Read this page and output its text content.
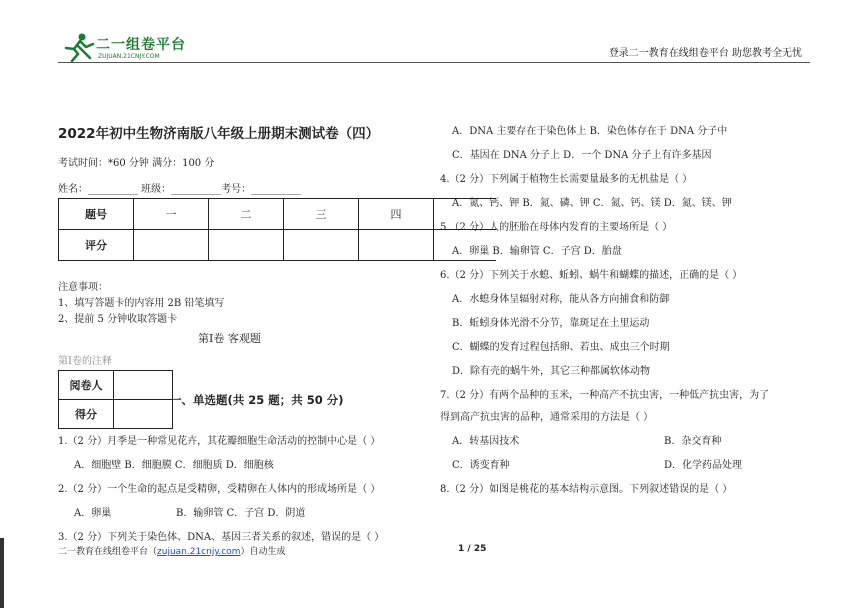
二一组卷平台
ZUJUAN.21CNJY.COM	登录二一教育在线组卷平台 助您教考全无忧
2022年初中生物济南版八年级上册期末测试卷（四）
考试时间：*60 分钟 满分：100 分
姓名：__________ 班级：__________考号：__________
题号	一	二	三	四	
评分					
注意事项：
1、填写答题卡的内容用 2B 铅笔填写
2、提前 5 分钟收取答题卡
第Ⅰ卷 客观题
第Ⅰ卷的注释
阅卷人	
得分	
一、单选题(共 25 题；共 50 分)
1.（2 分）月季是一种常见花卉，其花瓣细胞生命活动的控制中心是（ ）
A．细胞壁 B．细胞膜 C．细胞质 D．细胞核
2.（2 分）一个生命的起点是受精卵，受精卵在人体内的形成场所是（ ）
A．卵巢	B．输卵管 C．子宫 D．阴道
3.（2 分）下列关于染色体、DNA、基因三者关系的叙述，错误的是（ ）
A．DNA 主要存在于染色体上 B．染色体存在于 DNA 分子中
C．基因在 DNA 分子上 D．一个 DNA 分子上有许多基因
4.（2 分）下列属于植物生长需要量最多的无机盐是（ ）
A．氮、钙、钾 B．氮、磷、钾 C．氮、钙、镁 D．氮、镁、钾
5.（2 分）人的胚胎在母体内发育的主要场所是（ ）
A．卵巢 B．输卵管 C．子宫 D．胎盘
6.（2 分）下列关于水螅、蚯蚓、蜗牛和蝴蝶的描述，正确的是（ ）
A．水螅身体呈辐射对称，能从各方向捕食和防御
B．蚯蚓身体光滑不分节，靠斑足在土里运动
C．蝴蝶的发育过程包括卵、若虫、成虫三个时期
D．除有壳的蜗牛外，其它三种都属软体动物
7.（2 分）有两个品种的玉米，一种高产不抗虫害，一种低产抗虫害，为了
得到高产抗虫害的品种，通常采用的方法是（ ）
A．转基因技术	B．杂交育种
C．诱变育种	D．化学药品处理
8.（2 分）如图是桃花的基本结构示意图。下列叙述错误的是（ ）
二一教育在线组卷平台（zujuan.21cnjy.com）自动生成	1 / 25
